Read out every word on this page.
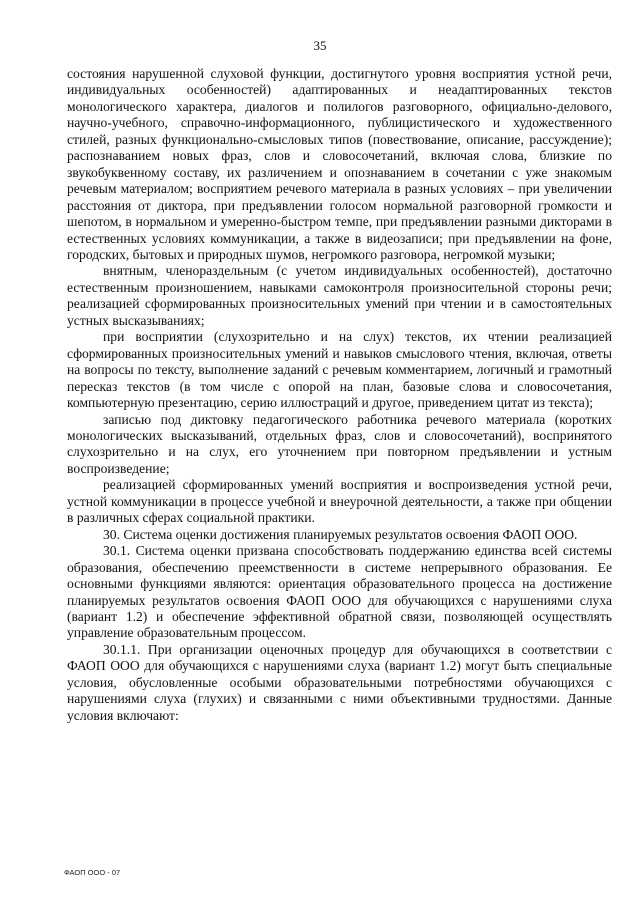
35

состояния нарушенной слуховой функции, достигнутого уровня восприятия устной речи, индивидуальных особенностей) адаптированных и неадаптированных текстов монологического характера, диалогов и полилогов разговорного, официально-делового, научно-учебного, справочно-информационного, публицистического и художественного стилей, разных функционально-смысловых типов (повествование, описание, рассуждение); распознаванием новых фраз, слов и словосочетаний, включая слова, близкие по звукобуквенному составу, их различением и опознаванием в сочетании с уже знакомым речевым материалом; восприятием речевого материала в разных условиях – при увеличении расстояния от диктора, при предъявлении голосом нормальной разговорной громкости и шепотом, в нормальном и умеренно-быстром темпе, при предъявлении разными дикторами в естественных условиях коммуникации, а также в видеозаписи; при предъявлении на фоне, городских, бытовых и природных шумов, негромкого разговора, негромкой музыки;

внятным, членораздельным (с учетом индивидуальных особенностей), достаточно естественным произношением, навыками самоконтроля произносительной стороны речи; реализацией сформированных произносительных умений при чтении и в самостоятельных устных высказываниях;

при восприятии (слухозрительно и на слух) текстов, их чтении реализацией сформированных произносительных умений и навыков смыслового чтения, включая, ответы на вопросы по тексту, выполнение заданий с речевым комментарием, логичный и грамотный пересказ текстов (в том числе с опорой на план, базовые слова и словосочетания, компьютерную презентацию, серию иллюстраций и другое, приведением цитат из текста);

записью под диктовку педагогического работника речевого материала (коротких монологических высказываний, отдельных фраз, слов и словосочетаний), воспринятого слухозрительно и на слух, его уточнением при повторном предъявлении и устным воспроизведение;

реализацией сформированных умений восприятия и воспроизведения устной речи, устной коммуникации в процессе учебной и внеурочной деятельности, а также при общении в различных сферах социальной практики.

30. Система оценки достижения планируемых результатов освоения ФАОП ООО.

30.1. Система оценки призвана способствовать поддержанию единства всей системы образования, обеспечению преемственности в системе непрерывного образования. Ее основными функциями являются: ориентация образовательного процесса на достижение планируемых результатов освоения ФАОП ООО для обучающихся с нарушениями слуха (вариант 1.2) и обеспечение эффективной обратной связи, позволяющей осуществлять управление образовательным процессом.

30.1.1. При организации оценочных процедур для обучающихся в соответствии с ФАОП ООО для обучающихся с нарушениями слуха (вариант 1.2) могут быть специальные условия, обусловленные особыми образовательными потребностями обучающихся с нарушениями слуха (глухих) и связанными с ними объективными трудностями. Данные условия включают:

ФАОП ООО - 07
